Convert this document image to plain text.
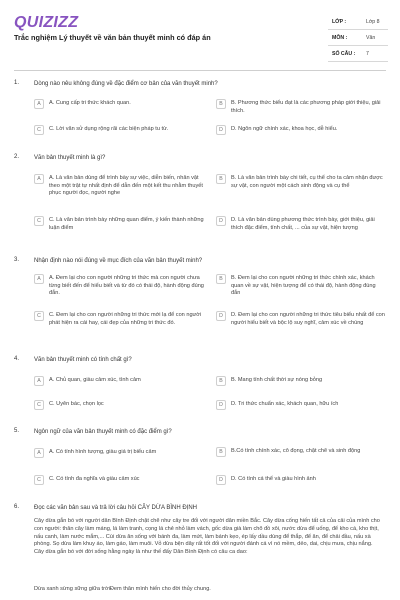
QUIZIZZ
Trắc nghiệm Lý thuyết về văn bản thuyết minh có đáp án
LỚP :	Lớp 8
MÔN :	Văn
SỐ CÂU : 7
1. Dòng nào nêu không đúng về đặc điểm cơ bản của văn thuyết minh?
A	A. Cung cấp tri thức khách quan.	B	B. Phương thức biểu đạt là các phương pháp giới thiệu, giải thích.
C	C. Lời văn sử dụng rộng rãi các biện pháp tu từ.	D	D. Ngôn ngữ chính xác, khoa học, dễ hiểu.
2. Văn bản thuyết minh là gì?
A	A. Là văn bản dùng để trình bày sự việc, diễn biến, nhân vật theo một trật tự nhất định để dẫn đến một kết thu nhằm thuyết phục người đọc, người nghe
B	B. Là văn bản trình bày chi tiết, cụ thể cho ta cảm nhận được sự vật, con người một cách sinh động và cụ thể
C	C. Là văn bản trình bày những quan điểm, ý kiến thành những luận điểm
D	D. Là văn bản dùng phương thức trình bày, giới thiệu, giải thích đặc điểm, tính chất, ... của sự vật, hiện tượng
3. Nhận định nào nói đúng về mục đích của văn bản thuyết minh?
A	A. Đem lại cho con người những tri thức mà con người chưa từng biết đến để hiểu biết và từ đó có thái độ, hành động đúng đắn.
B	B. Đem lại cho con người những tri thức chính xác, khách quan về sự vật, hiện tượng để có thái độ, hành động đúng đắn
C	C. Đem lại cho con người những tri thức mới lạ để con người phát hiện ra cái hay, cái đẹp của những tri thức đó.
D	D. Đem lại cho con người những tri thức tiêu biểu nhất để con người hiểu biết và bộc lộ suy nghĩ, cảm xúc về chúng
4. Văn bản thuyết minh có tính chất gì?
A	A. Chủ quan, giàu cảm xúc, tình cảm	B	B. Mang tính chất thời sự nóng bỏng
C	C. Uyên bác, chọn lọc	D	D. Tri thức chuẩn xác, khách quan, hữu ích
5. Ngôn ngữ của văn bản thuyết minh có đặc điểm gì?
A	A. Có tính hình tượng, giàu giá trị biểu cảm	B	B.Có tính chính xác, cô đọng, chặt chẽ và sinh động
C	C. Có tính đa nghĩa và giàu cảm xúc	D	D. Có tính cá thể và giàu hình ảnh
6. Đọc các văn bản sau và trả lời câu hỏi CÂY DỪA BÌNH ĐỊNH
Cây dừa gắn bó với người dân Bình Định chặt chẽ như cây tre đối với người dân miền Bắc. Cây dừa cống hiến tất cả của cải của mình cho con người: thân cây làm máng, lá làm tranh, cọng lá chẻ nhỏ làm vách, gốc dừa già làm chõ đồ xôi, nước dừa để uống, để kho cá, kho thịt, nấu canh, làm nước mắm,... Cùi dừa ăn sống với bánh đa, làm mứt, làm bánh kẹo, ép lấy dầu dùng để thắp, để ăn, để chải đầu, nấu xà phòng. Sọ dừa làm khuy áo, làm gáo, làm muôi. Vỏ dừa bện dây rất tốt đối với người đánh cá vì nó mềm, dẻo, dai, chịu mưa, chịu nắng. Cây dừa gắn bó với đời sống hằng ngày là như thế đấy Dân Bình Định có câu ca dao:
Dừa xanh sừng sững giữa trờiĐem thân mình hiến cho đời thủy chung.
